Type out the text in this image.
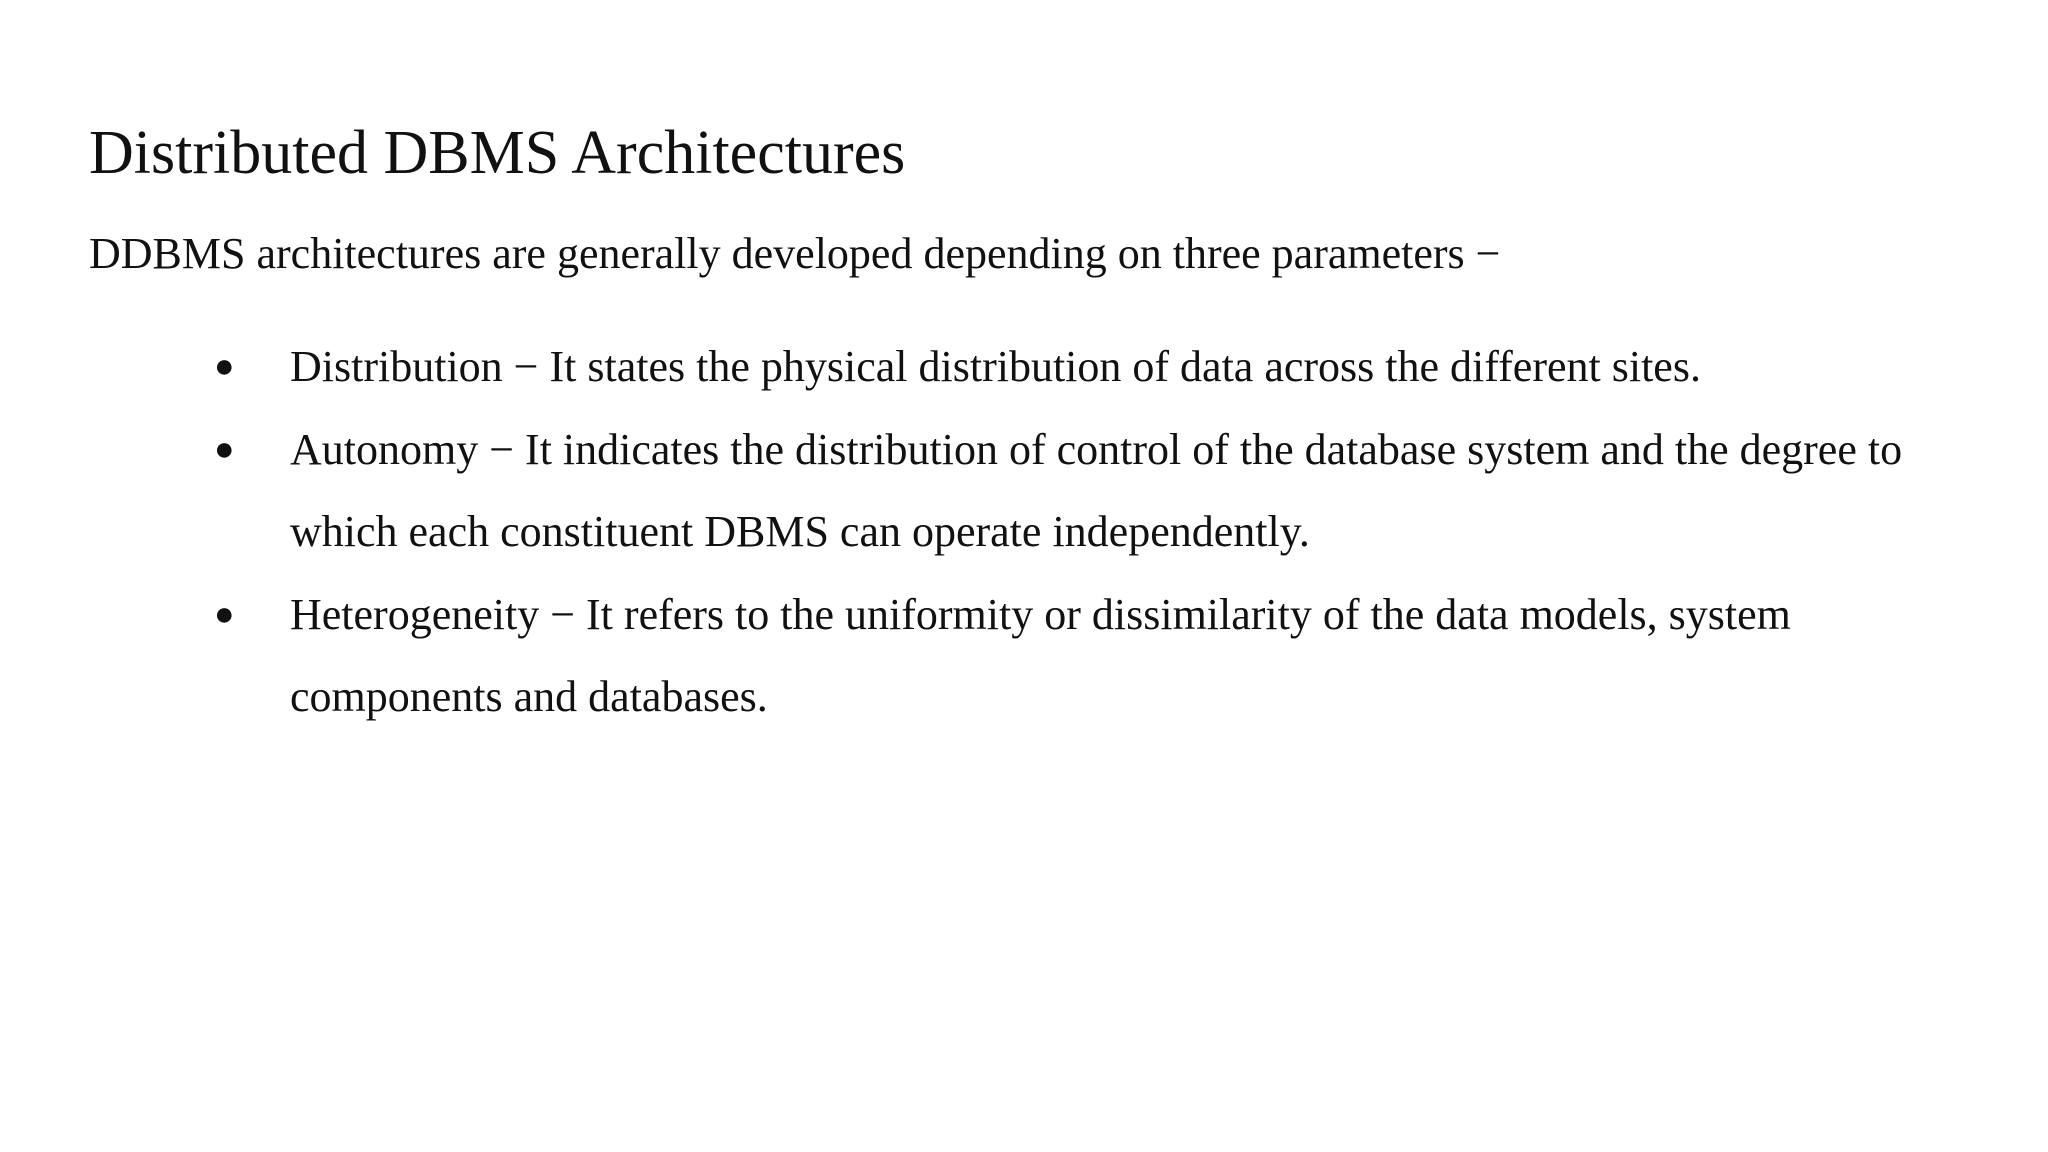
Distributed DBMS Architectures

DDBMS architectures are generally developed depending on three parameters −

● Distribution − It states the physical distribution of data across the different sites.
● Autonomy − It indicates the distribution of control of the database system and the degree to which each constituent DBMS can operate independently.
● Heterogeneity − It refers to the uniformity or dissimilarity of the data models, system components and databases.
